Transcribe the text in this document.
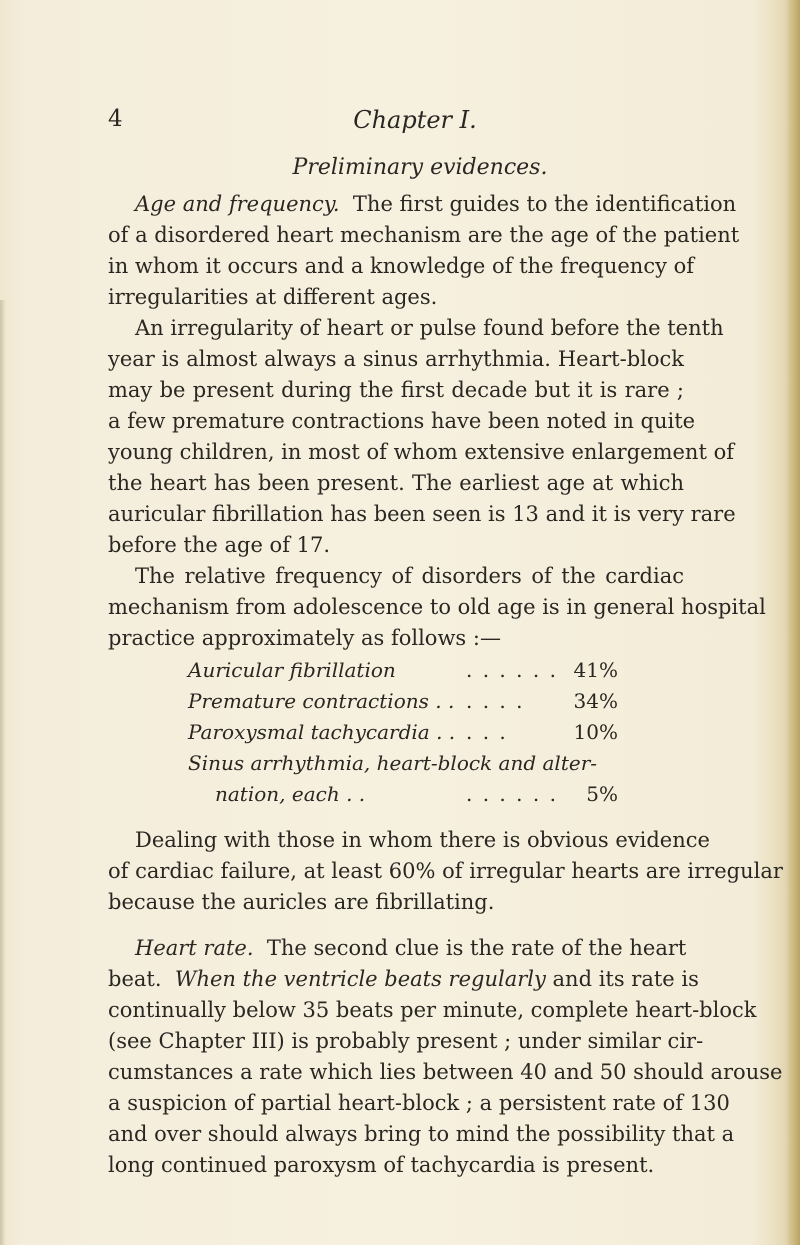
4	Chapter I.
Preliminary evidences.
Age and frequency. The first guides to the identification
of a disordered heart mechanism are the age of the patient
in whom it occurs and a knowledge of the frequency of
irregularities at different ages.
An irregularity of heart or pulse found before the tenth
year is almost always a sinus arrhythmia. Heart-block
may be present during the first decade but it is rare ;
a few premature contractions have been noted in quite
young children, in most of whom extensive enlargement of
the heart has been present. The earliest age at which
auricular fibrillation has been seen is 13 and it is very rare
before the age of 17.
The relative frequency of disorders of the cardiac
mechanism from adolescence to old age is in general hospital
practice approximately as follows :—
Auricular fibrillation	. . . . . . 41%
Premature contractions . . . . . . 34%
Paroxysmal tachycardia . . . . .	10%
Sinus arrhythmia, heart-block and alter-
nation, each . .	. . . . . . 5%
Dealing with those in whom there is obvious evidence
of cardiac failure, at least 60% of irregular hearts are irregular
because the auricles are fibrillating.
Heart rate. The second clue is the rate of the heart
beat. When the ventricle beats regularly and its rate is
continually below 35 beats per minute, complete heart-block
(see Chapter III) is probably present ; under similar cir-
cumstances a rate which lies between 40 and 50 should arouse
a suspicion of partial heart-block ; a persistent rate of 130
and over should always bring to mind the possibility that a
long continued paroxysm of tachycardia is present.
